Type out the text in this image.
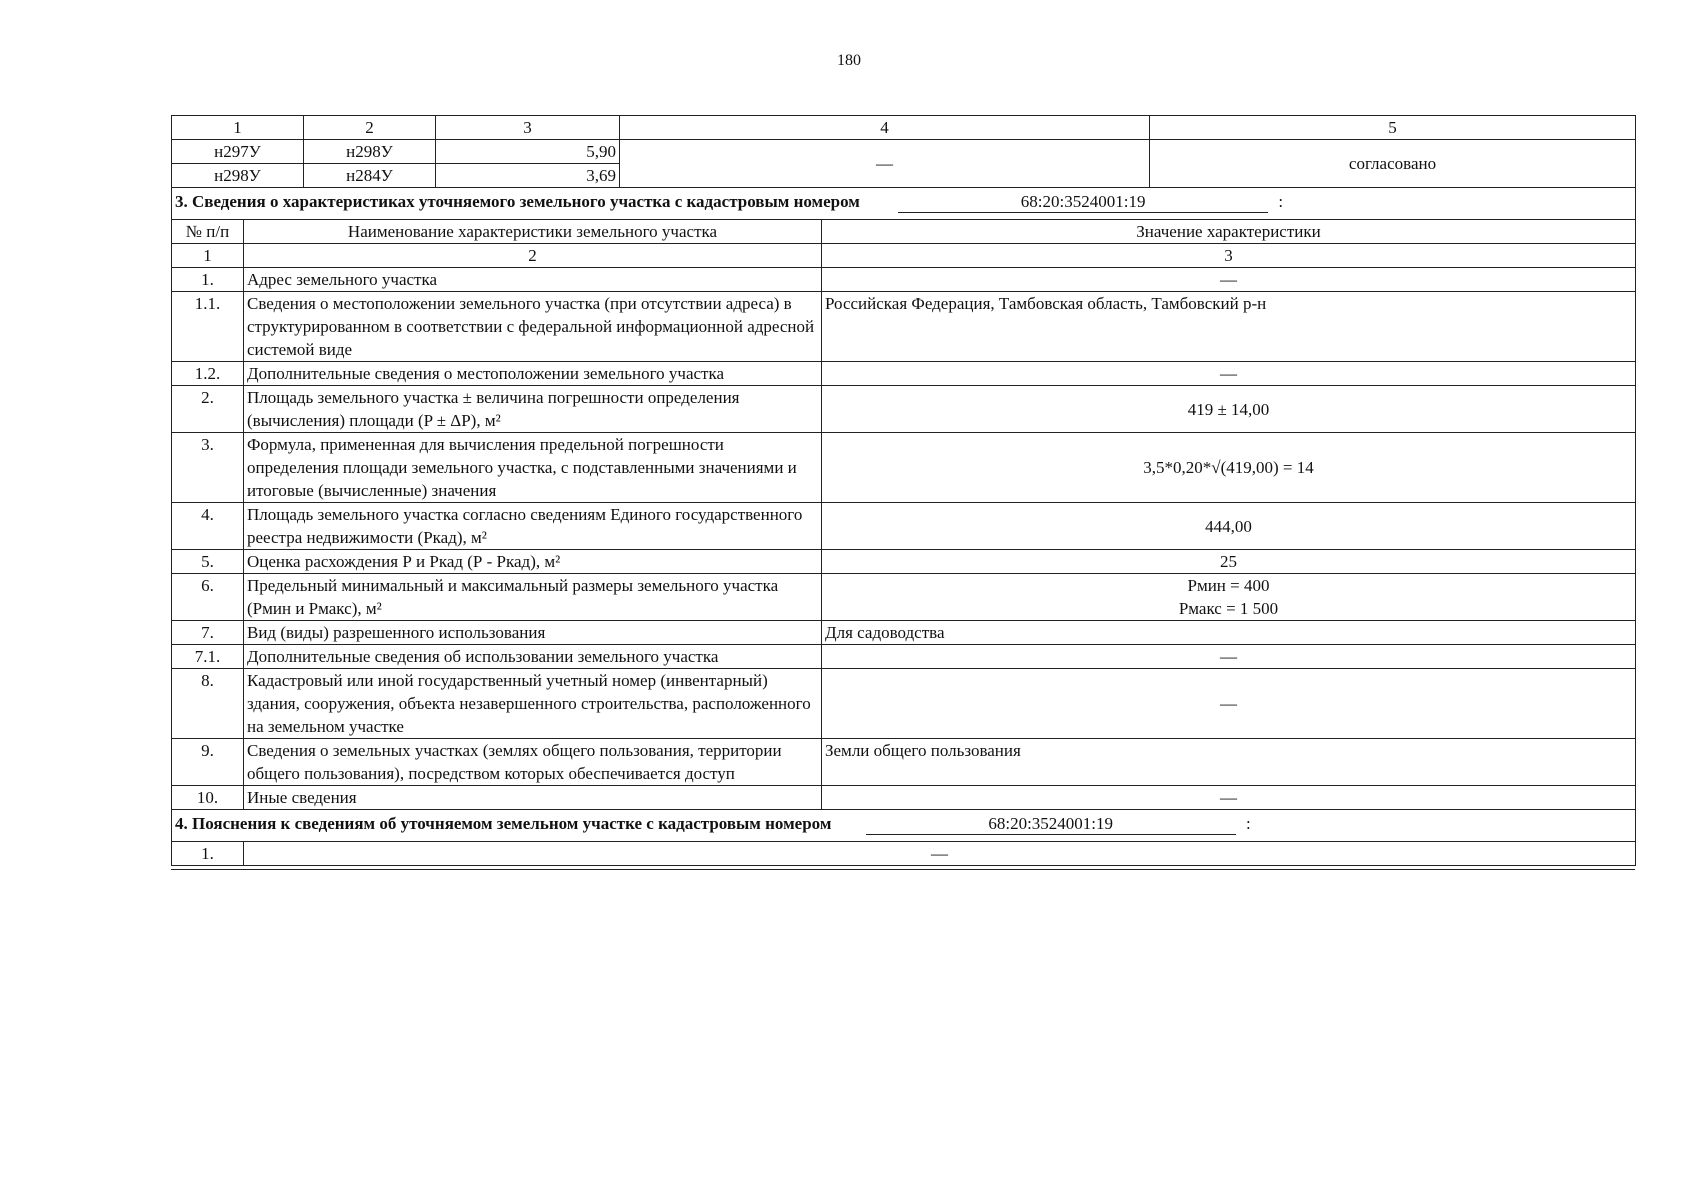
180
1	2	3	4	5
н297У	н298У	5,90	—	согласовано
н298У	н284У	3,69		
3. Сведения о характеристиках уточняемого земельного участка с кадастровым номером 68:20:3524001:19 :		
№ п/п	Наименование характеристики земельного участка	Значение характеристики
1	2	3
1.	Адрес земельного участка	—
1.1.	Сведения о местоположении земельного участка (при отсутствии адреса) в структурированном в соответствии с федеральной информационной адресной системой виде	Российская Федерация, Тамбовская область, Тамбовский р-н
1.2.	Дополнительные сведения о местоположении земельного участка	—
2.	Площадь земельного участка ± величина погрешности определения (вычисления) площади (P ± ΔP), м²	419 ± 14,00
3.	Формула, примененная для вычисления предельной погрешности определения площади земельного участка, с подставленными значениями и итоговые (вычисленные) значения	3,5*0,20*√(419,00) = 14
4.	Площадь земельного участка согласно сведениям Единого государственного реестра недвижимости (Ркад), м²	444,00
5.	Оценка расхождения Р и Ркад (Р - Ркад), м²	25
6.	Предельный минимальный и максимальный размеры земельного участка (Рмин и Рмакс), м²	Рмин = 400
Рмакс = 1 500

7.	Вид (виды) разрешенного использования	Для садоводства
7.1.	Дополнительные сведения об использовании земельного участка	—
8.	Кадастровый или иной государственный учетный номер (инвентарный) здания, сооружения, объекта незавершенного строительства, расположенного на земельном участке	—
9.	Сведения о земельных участках (землях общего пользования, территории общего пользования), посредством которых обеспечивается доступ	Земли общего пользования
10.	Иные сведения	—
4. Пояснения к сведениям об уточняемом земельном участке с кадастровым номером 68:20:3524001:19 :		
1.	—	
